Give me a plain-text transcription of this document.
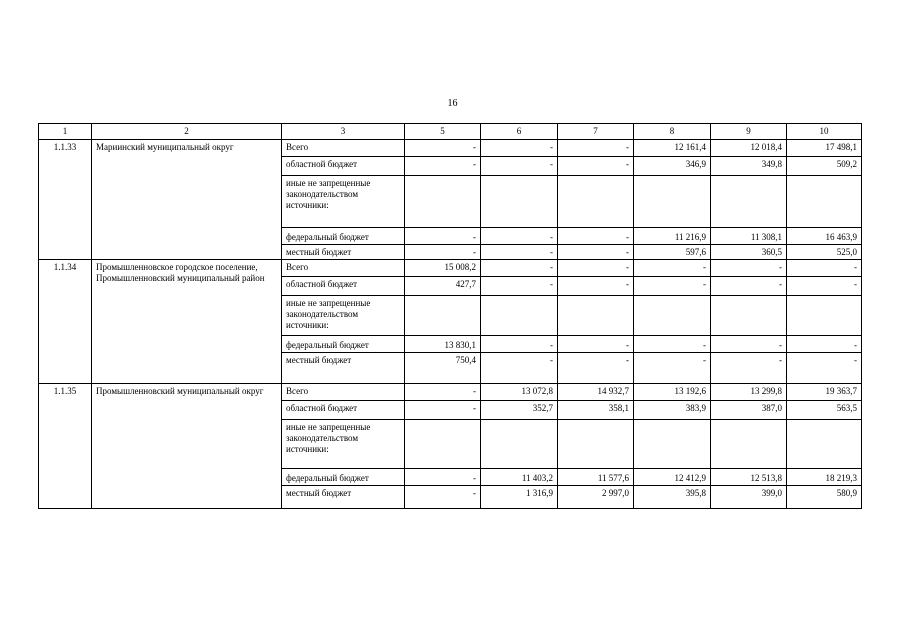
16
1	2	3	5	6	7	8	9	10
1.1.33	Мариинский муниципальный округ	Всего	-	-	-	12 161,4	12 018,4	17 498,1
		областной бюджет	-	-	-	346,9	349,8	509,2
		иные не запрещенные законодательством источники:						
		федеральный бюджет	-	-	-	11 216,9	11 308,1	16 463,9
		местный бюджет	-	-	-	597,6	360,5	525,0
1.1.34	Промышленновское городское поселение, Промышленновский муниципальный район	Всего	15 008,2	-	-	-	-	-
		областной бюджет	427,7	-	-	-	-	-
		иные не запрещенные законодательством источники:						
		федеральный бюджет	13 830,1	-	-	-	-	-
		местный бюджет	750,4	-	-	-	-	-
1.1.35	Промышленновский муниципальный округ	Всего	-	13 072,8	14 932,7	13 192,6	13 299,8	19 363,7
		областной бюджет	-	352,7	358,1	383,9	387,0	563,5
		иные не запрещенные законодательством источники:						
		федеральный бюджет	-	11 403,2	11 577,6	12 412,9	12 513,8	18 219,3
		местный бюджет	-	1 316,9	2 997,0	395,8	399,0	580,9
